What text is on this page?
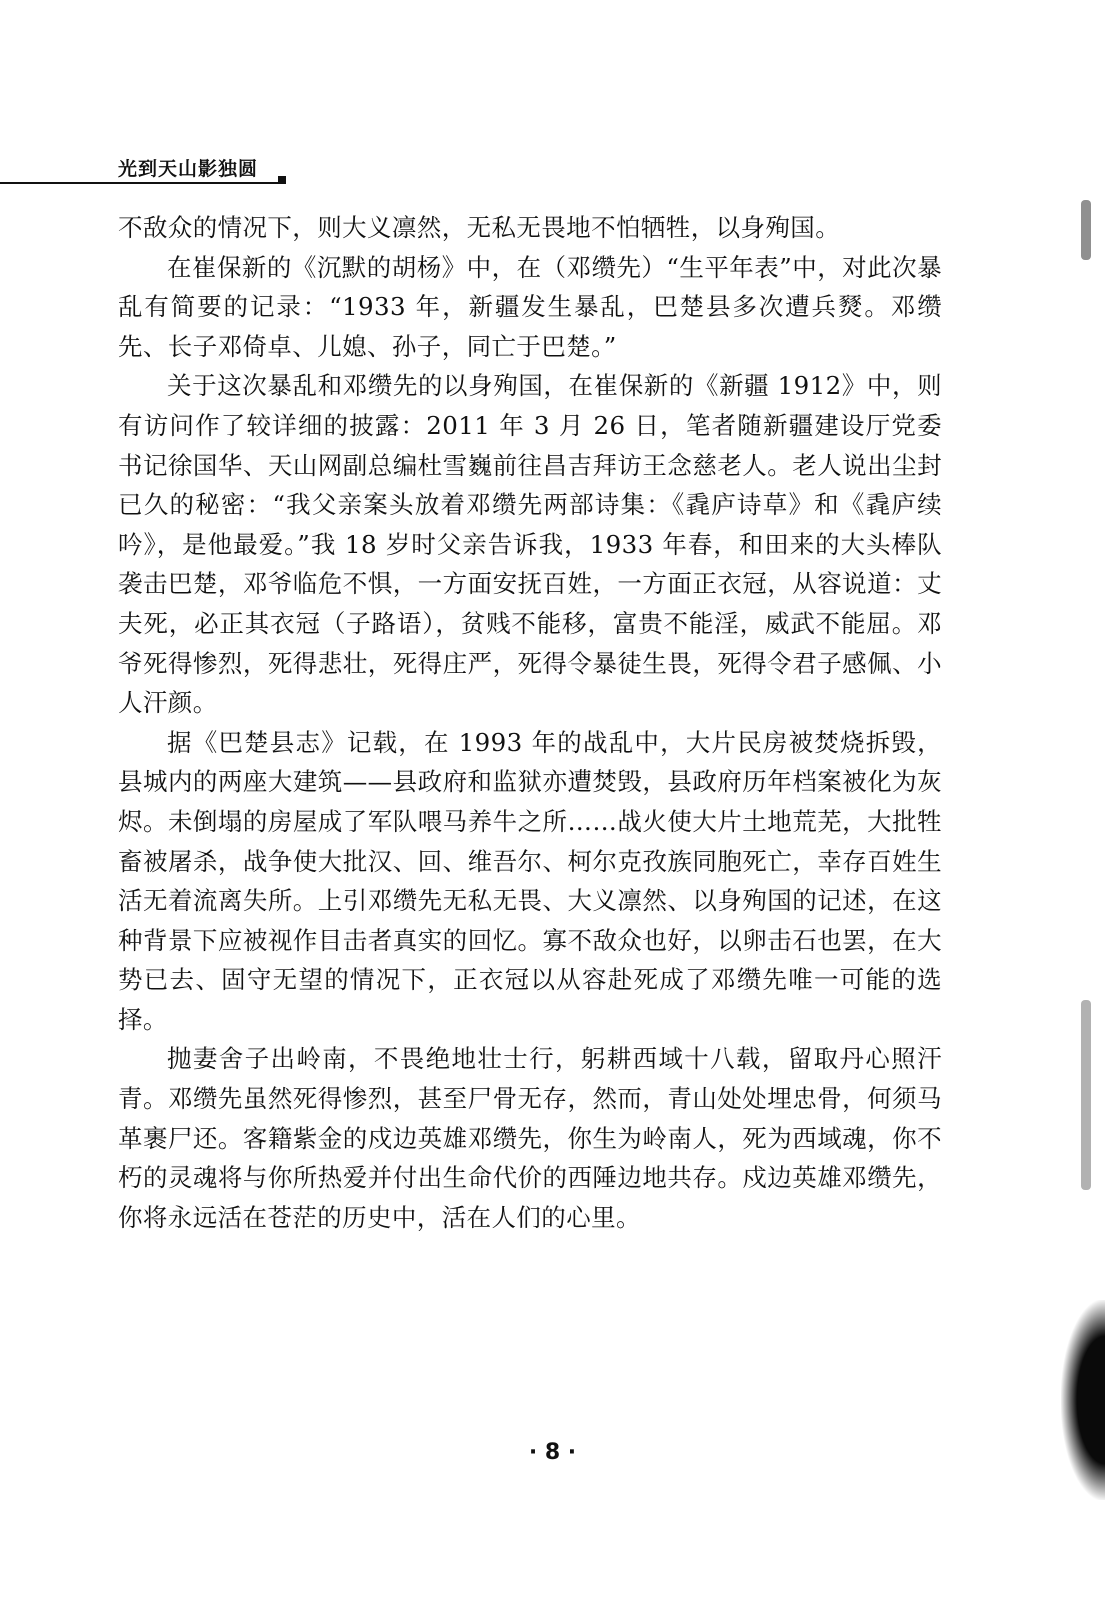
光到天山影独圆

不敌众的情况下，则大义凛然，无私无畏地不怕牺牲，以身殉国。

在崔保新的《沉默的胡杨》中，在（邓缵先）“生平年表”中，对此次暴乱有简要的记录：“1933 年，新疆发生暴乱，巴楚县多次遭兵燹。邓缵先、长子邓倚卓、儿媳、孙子，同亡于巴楚。”

关于这次暴乱和邓缵先的以身殉国，在崔保新的《新疆 1912》中，则有访问作了较详细的披露：2011 年 3 月 26 日，笔者随新疆建设厅党委书记徐国华、天山网副总编杜雪巍前往昌吉拜访王念慈老人。老人说出尘封已久的秘密：“我父亲案头放着邓缵先两部诗集：《毳庐诗草》和《毳庐续吟》，是他最爱。”我 18 岁时父亲告诉我，1933 年春，和田来的大头棒队袭击巴楚，邓爷临危不惧，一方面安抚百姓，一方面正衣冠，从容说道：丈夫死，必正其衣冠（子路语），贫贱不能移，富贵不能淫，威武不能屈。邓爷死得惨烈，死得悲壮，死得庄严，死得令暴徒生畏，死得令君子感佩、小人汗颜。

据《巴楚县志》记载，在 1993 年的战乱中，大片民房被焚烧拆毁，县城内的两座大建筑——县政府和监狱亦遭焚毁，县政府历年档案被化为灰烬。未倒塌的房屋成了军队喂马养牛之所……战火使大片土地荒芜，大批牲畜被屠杀，战争使大批汉、回、维吾尔、柯尔克孜族同胞死亡，幸存百姓生活无着流离失所。上引邓缵先无私无畏、大义凛然、以身殉国的记述，在这种背景下应被视作目击者真实的回忆。寡不敌众也好，以卵击石也罢，在大势已去、固守无望的情况下，正衣冠以从容赴死成了邓缵先唯一可能的选择。

抛妻舍子出岭南，不畏绝地壮士行，躬耕西域十八载，留取丹心照汗青。邓缵先虽然死得惨烈，甚至尸骨无存，然而，青山处处埋忠骨，何须马革裹尸还。客籍紫金的戍边英雄邓缵先，你生为岭南人，死为西域魂，你不朽的灵魂将与你所热爱并付出生命代价的西陲边地共存。戍边英雄邓缵先，你将永远活在苍茫的历史中，活在人们的心里。

· 8 ·
